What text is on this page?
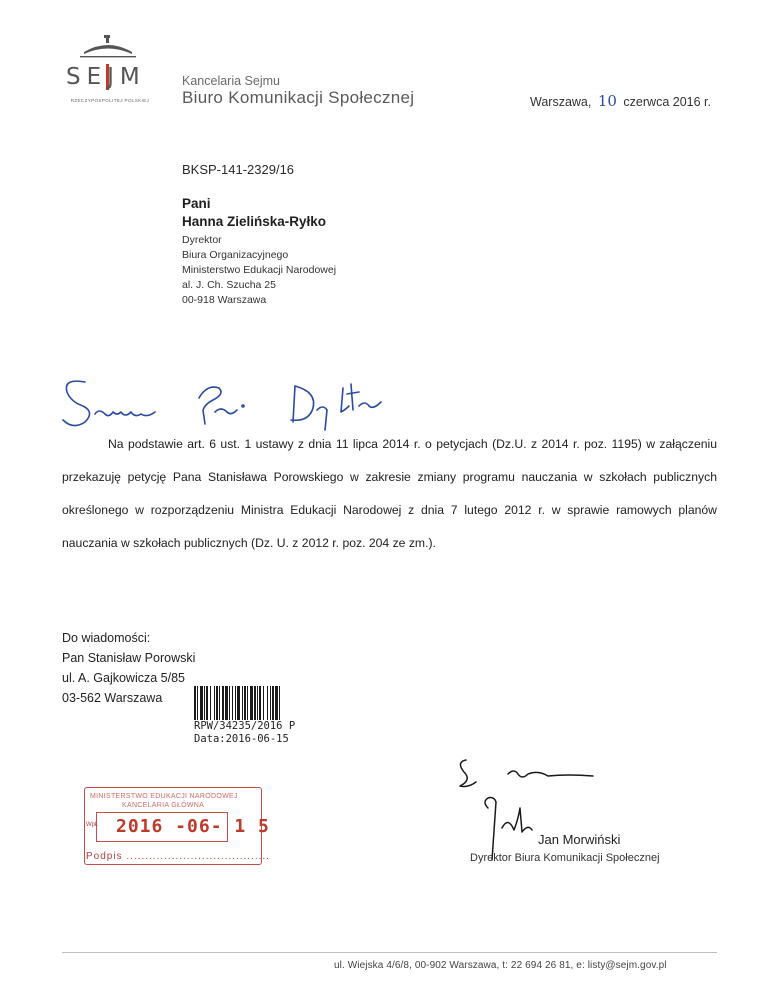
SEJM
RZECZYPOSPOLITEJ POLSKIEJ
Kancelaria Sejmu
Biuro Komunikacji Społecznej	Warszawa, 10 czerwca 2016 r.
BKSP-141-2329/16
Pani
Hanna Zielińska-Ryłko
Dyrektor
Biura Organizacyjnego
Ministerstwo Edukacji Narodowej
al. J. Ch. Szucha 25
00-918 Warszawa
Na podstawie art. 6 ust. 1 ustawy z dnia 11 lipca 2014 r. o petycjach (Dz.U. z 2014 r. poz. 1195) w załączeniu przekazuję petycję Pana Stanisława Porowskiego w zakresie zmiany programu nauczania w szkołach publicznych określonego w rozporządzeniu Ministra Edukacji Narodowej z dnia 7 lutego 2012 r. w sprawie ramowych planów nauczania w szkołach publicznych (Dz. U. z 2012 r. poz. 204 ze zm.).
Do wiadomości:
Pan Stanisław Porowski
ul. A. Gajkowicza 5/85
03-562 Warszawa
RPW/34235/2016 P
Data:2016-06-15
MINISTERSTWO EDUKACJI NARODOWEJ
KANCELARIA GŁÓWNA
Wpł. 2016 -06- 1 5
Podpis ......................................
Jan Morwiński
Dyrektor Biura Komunikacji Społecznej
ul. Wiejska 4/6/8, 00-902 Warszawa, t: 22 694 26 81, e: listy@sejm.gov.pl
